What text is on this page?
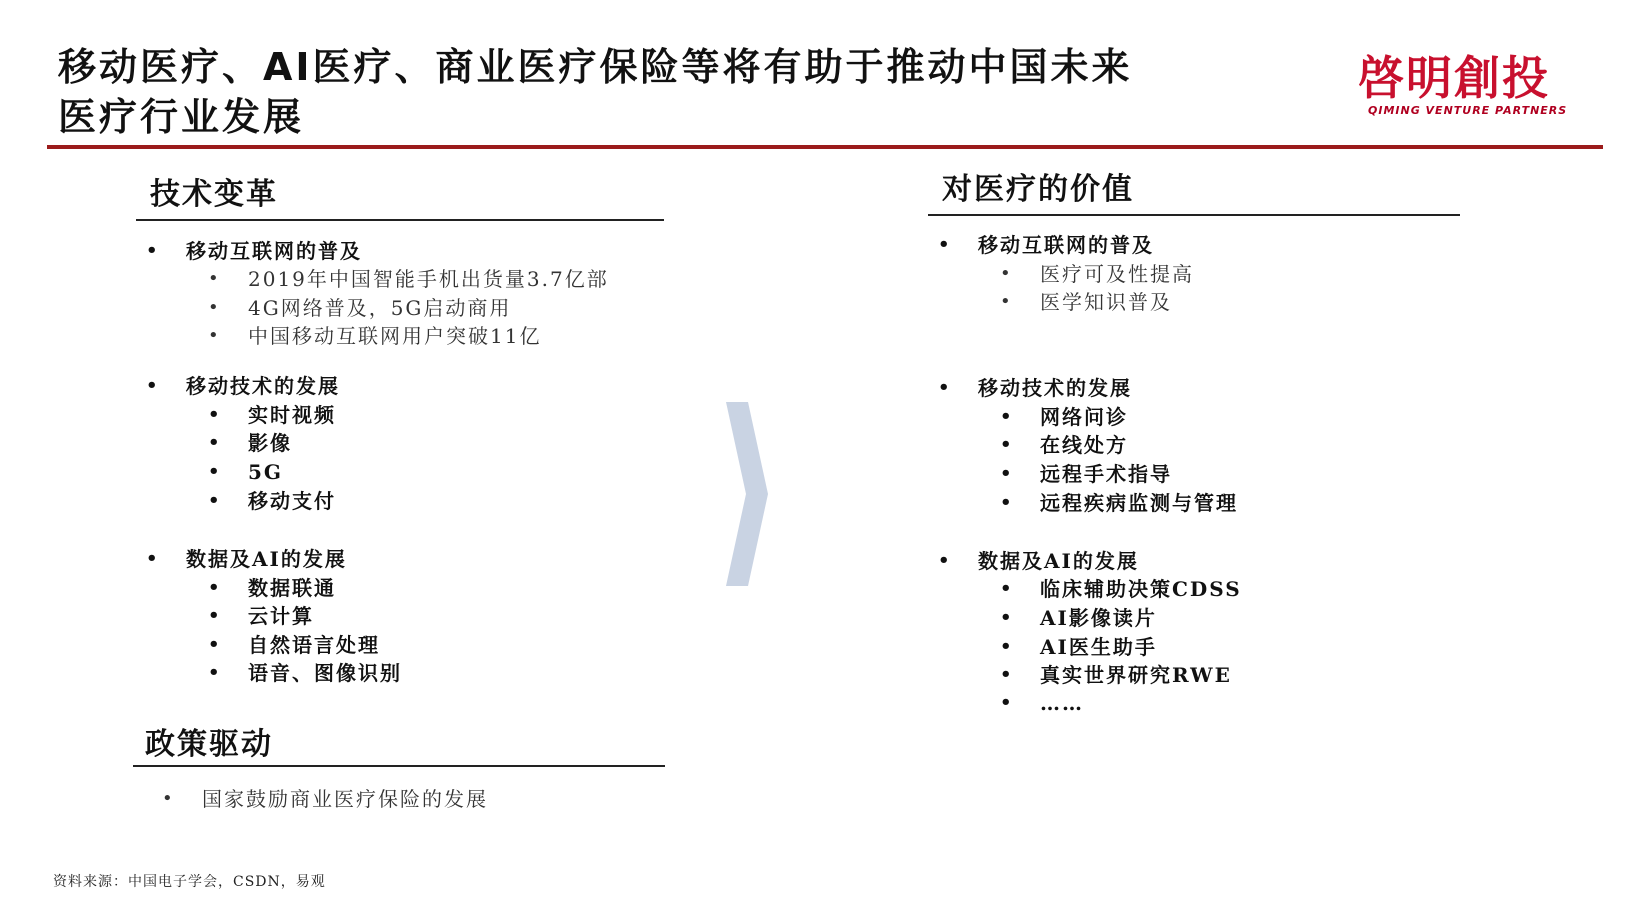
移动医疗、AI医疗、商业医疗保险等将有助于推动中国未来
医疗行业发展
啓明創投
QIMING VENTURE PARTNERS
技术变革
• 移动互联网的普及
• 2019年中国智能手机出货量3.7亿部
• 4G网络普及，5G启动商用
• 中国移动互联网用户突破11亿
• 移动技术的发展
• 实时视频
• 影像
• 5G
• 移动支付
• 数据及AI的发展
• 数据联通
• 云计算
• 自然语言处理
• 语音、图像识别
政策驱动
• 国家鼓励商业医疗保险的发展
对医疗的价值
• 移动互联网的普及
• 医疗可及性提高
• 医学知识普及
• 移动技术的发展
• 网络问诊
• 在线处方
• 远程手术指导
• 远程疾病监测与管理
• 数据及AI的发展
• 临床辅助决策CDSS
• AI影像读片
• AI医生助手
• 真实世界研究RWE
• ……
资料来源：中国电子学会，CSDN，易观
